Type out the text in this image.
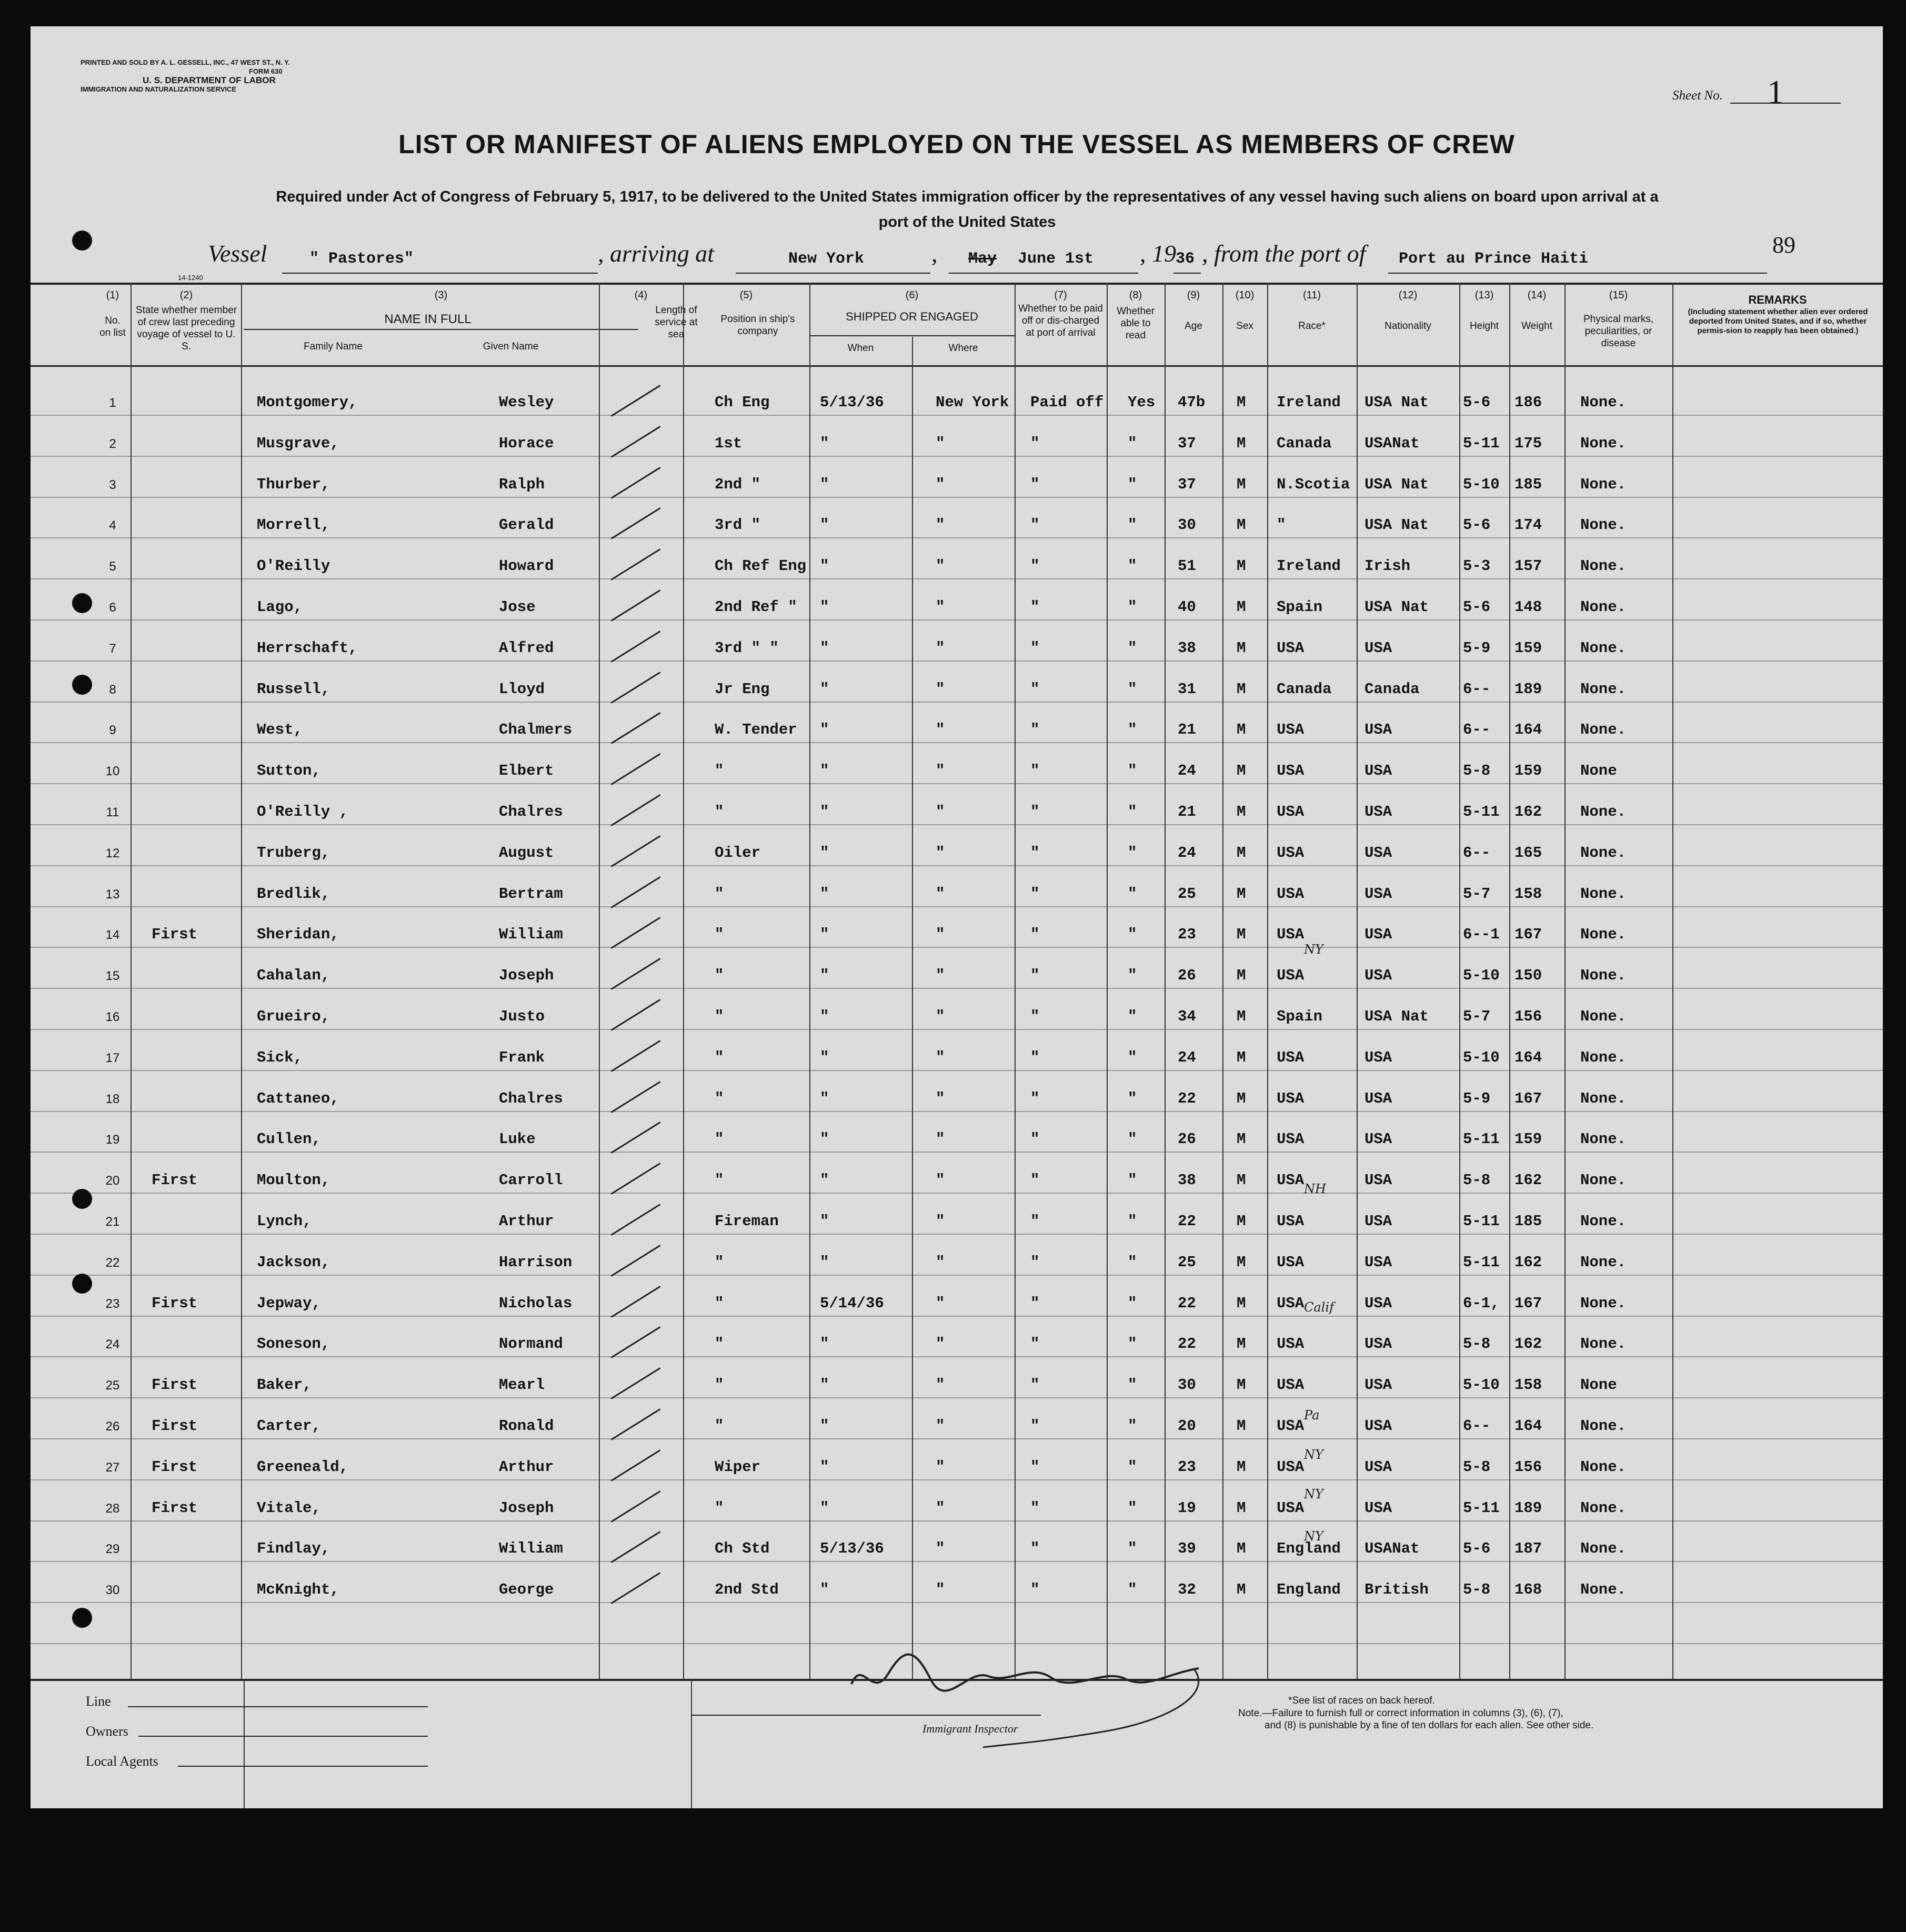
PRINTED AND SOLD BY A. L. GESSELL, INC., 47 WEST ST., N. Y.
FORM 630
U. S. DEPARTMENT OF LABOR
IMMIGRATION AND NATURALIZATION SERVICE
14-1240
Sheet No. 1
LIST OR MANIFEST OF ALIENS EMPLOYED ON THE VESSEL AS MEMBERS OF CREW
Required under Act of Congress of February 5, 1917, to be delivered to the United States immigration officer by the representatives of any vessel having such aliens on board upon arrival at a
port of the United States
89
Vessel	" Pastores"	, arriving at	New York	, May June 1st , 19 36 , from the port of Port au Prince Haiti
(1)	(2)	(3)	(4)	(5)	(6)	(7)	(8)	(9)	(10)	(11)	(12)	(13)	(14)	(15)
No. on list
State whether member of crew last preceding voyage of vessel to U. S.
NAME IN FULL
Family Name	Given Name
Length of service at sea
Position in ship's company
SHIPPED OR ENGAGED
When	Where
Whether to be paid off or dis-charged at port of arrival
Whether able to read
Age	Sex	Race*	Nationality	Height	Weight
Physical marks, peculiarities, or disease
REMARKS
(Including statement whether alien ever ordered deported from United States, and if so, whether permis-sion to reapply has been obtained.)
1	Montgomery,	Wesley	Ch Eng	5/13/36	New York Paid off Yes 47b M Ireland USA Nat 5-6 186	None.
2	Musgrave,	Horace	1st	"	"	"	"	37	M Canada USANat	5-11 175	None.
3	Thurber,	Ralph	2nd "	"	"	"	"	37	M N.Scotia USA Nat 5-10 185	None.
4	Morrell,	Gerald	3rd "	"	"	"	"	30	M "	USA Nat 5-6 174	None.
5	O'Reilly	Howard	Ch Ref Eng "	"	"	"	51	M Ireland Irish	5-3 157	None.
6	Lago,	Jose	2nd Ref " "	"	"	"	40	M Spain	USA Nat 5-6 148	None.
7	Herrschaft,	Alfred	3rd " "	"	"	"	"	38	M USA	USA	5-9 159	None.
8	Russell,	Lloyd	Jr Eng	"	"	"	"	31	M Canada Canada	6-- 189	None.
9	West,	Chalmers	W. Tender "	"	"	"	21	M USA	USA	6-- 164	None.
10	Sutton,	Elbert	"	"	"	"	"	24	M USA	USA	5-8 159	None
11	O'Reilly ,	Chalres	"	"	"	"	"	21	M USA	USA	5-11 162	None.
12	Truberg,	August	Oiler	"	"	"	"	24	M USA	USA	6-- 165	None.
13	Bredlik,	Bertram	"	"	"	"	"	25	M USA	USA	5-7 158	None.
14	First	Sheridan,	William	"	"	"	"	"	23	M USA	USA	6--1 167	None.
15	Cahalan,	Joseph	"	"	"	"	"	26	M USA	USA	5-10 150	None.
16	Grueiro,	Justo	"	"	"	"	"	34	M Spain	USA Nat 5-7 156	None.
17	Sick,	Frank	"	"	"	"	"	24	M USA	USA	5-10 164	None.
18	Cattaneo,	Chalres	"	"	"	"	"	22	M USA	USA	5-9 167	None.
19	Cullen,	Luke	"	"	"	"	"	26	M USA	USA	5-11 159	None.
20	First	Moulton,	Carroll	"	"	"	"	"	38	M USA	USA	5-8 162	None.
21	Lynch,	Arthur	Fireman	"	"	"	"	22	M USA	USA	5-11 185	None.
22	Jackson,	Harrison	"	"	"	"	"	25	M USA	USA	5-11 162	None.
23	First	Jepway,	Nicholas	"	5/14/36	"	"	"	22	M USA	USA	6-1, 167	None.
24	Soneson,	Normand	"	"	"	"	"	22	M USA	USA	5-8 162	None.
25	First	Baker,	Mearl	"	"	"	"	"	30	M USA	USA	5-10 158	None
26	First	Carter,	Ronald	"	"	"	"	"	20	M USA	USA	6-- 164	None.
27	First	Greeneald,	Arthur	Wiper	"	"	"	"	23	M USA	USA	5-8 156	None.
28	First	Vitale,	Joseph	"	"	"	"	"	19	M USA	USA	5-11 189	None.
29	Findlay,	William	Ch Std	5/13/36	"	"	"	39	M England USANat	5-6 187	None.
30	McKnight,	George	2nd Std	"	"	"	"	32	M England British 5-8 168	None.
NY
NH
Calif
Pa
NY
NY
NY
Line
Owners
Local Agents
Immigrant Inspector
*See list of races on back hereof.
Note.—Failure to furnish full or correct information in columns (3), (6), (7),
and (8) is punishable by a fine of ten dollars for each alien. See other side.
